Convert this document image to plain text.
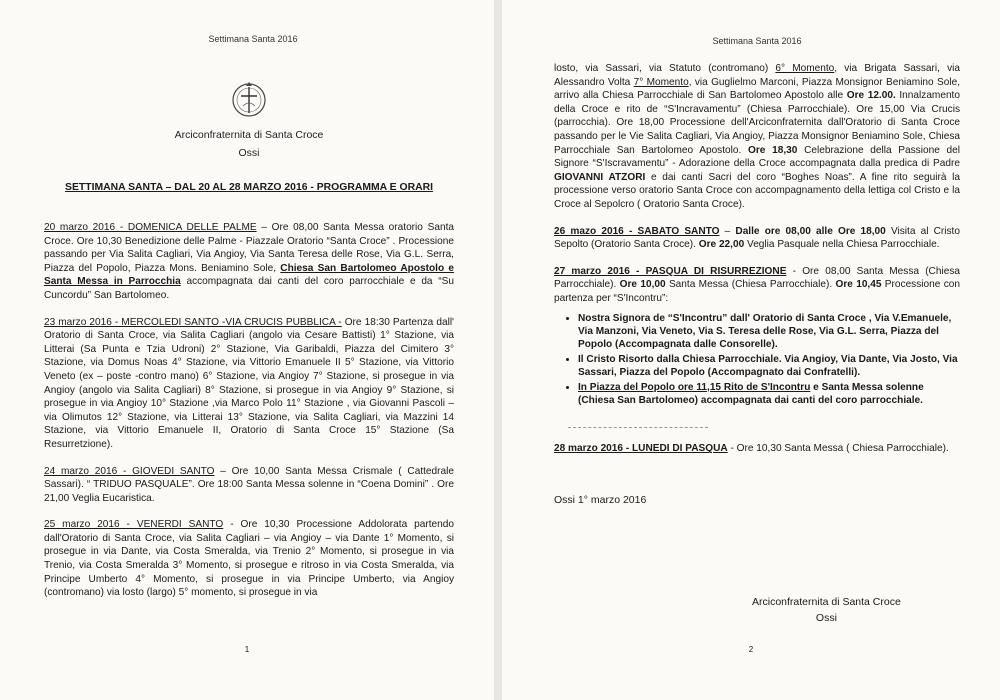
Settimana Santa 2016

Arciconfraternita di Santa Croce

Ossi

SETTIMANA SANTA – DAL 20 AL 28 MARZO 2016 - PROGRAMMA E ORARI

20 marzo 2016 - DOMENICA DELLE PALME – Ore 08,00 Santa Messa oratorio Santa Croce. Ore 10,30 Benedizione delle Palme - Piazzale Oratorio “Santa Croce” . Processione passando per Via Salita Cagliari, Via Angioy, Via Santa Teresa delle Rose, Via G.L. Serra, Piazza del Popolo, Piazza Mons. Beniamino Sole, Chiesa San Bartolomeo Apostolo e Santa Messa in Parrocchia accompagnata dai canti del coro parrocchiale e da “Su Cuncordu” San Bartolomeo.

23 marzo 2016 - MERCOLEDI SANTO -VIA CRUCIS PUBBLICA - Ore 18:30 Partenza dall' Oratorio di Santa Croce, via Salita Cagliari (angolo via Cesare Battisti) 1° Stazione, via Litterai (Sa Punta e Tzia Udroni) 2° Stazione, Via Garibaldi, Piazza del Cimitero 3° Stazione, via Domus Noas 4° Stazione, via Vittorio Emanuele II 5° Stazione, via Vittorio Veneto (ex – poste -contro mano) 6° Stazione, via Angioy 7° Stazione, si prosegue in via Angioy (angolo via Salita Cagliari) 8° Stazione, si prosegue in via Angioy 9° Stazione, si prosegue in via Angioy 10° Stazione ,via Marco Polo 11° Stazione , via Giovanni Pascoli – via Olimutos 12° Stazione, via Litterai 13° Stazione, via Salita Cagliari, via Mazzini 14 Stazione, via Vittorio Emanuele II, Oratorio di Santa Croce 15° Stazione (Sa Resurretzione).

24 marzo 2016 - GIOVEDI SANTO – Ore 10,00 Santa Messa Crismale ( Cattedrale Sassari). “ TRIDUO PASQUALE”. Ore 18:00 Santa Messa solenne in “Coena Domini” . Ore 21,00 Veglia Eucaristica.

25 marzo 2016 - VENERDI SANTO - Ore 10,30 Processione Addolorata partendo dall'Oratorio di Santa Croce, via Salita Cagliari – via Angioy – via Dante 1° Momento, si prosegue in via Dante, via Costa Smeralda, via Trenio 2° Momento, si prosegue in via Trenio, via Costa Smeralda 3° Momento, si prosegue e ritroso in via Costa Smeralda, via Principe Umberto 4° Momento, si prosegue in via Principe Umberto, via Angioy (contromano) via losto (largo) 5° momento, si prosegue in via

1

Settimana Santa 2016

losto, via Sassari, via Statuto (contromano) 6° Momento, via Brigata Sassari, via Alessandro Volta 7° Momento, via Guglielmo Marconi, Piazza Monsignor Beniamino Sole, arrivo alla Chiesa Parrocchiale di San Bartolomeo Apostolo alle Ore 12.00. Innalzamento della Croce e rito de “S'Incravamentu” (Chiesa Parrocchiale). Ore 15,00 Via Crucis (parrocchia). Ore 18,00 Processione dell'Arciconfraternita dall'Oratorio di Santa Croce passando per le Vie Salita Cagliari, Via Angioy, Piazza Monsignor Beniamino Sole, Chiesa Parrocchiale San Bartolomeo Apostolo. Ore 18,30 Celebrazione della Passione del Signore “S'Iscravamentu” - Adorazione della Croce accompagnata dalla predica di Padre GIOVANNI ATZORI e dai canti Sacri del coro “Boghes Noas”. A fine rito seguirà la processione verso oratorio Santa Croce con accompagnamento della lettiga col Cristo e la Croce al Sepolcro ( Oratorio Santa Croce).

26 mazo 2016 - SABATO SANTO – Dalle ore 08,00 alle Ore 18,00 Visita al Cristo Sepolto (Oratorio Santa Croce). Ore 22,00 Veglia Pasquale nella Chiesa Parrocchiale.

27 marzo 2016 - PASQUA DI RISURREZIONE - Ore 08,00 Santa Messa (Chiesa Parrocchiale). Ore 10,00 Santa Messa (Chiesa Parrocchiale). Ore 10,45 Processione con partenza per “S'Incontru”:

• Nostra Signora de “S'Incontru” dall' Oratorio di Santa Croce , Via V.Emanuele, Via Manzoni, Via Veneto, Via S. Teresa delle Rose, Via G.L. Serra, Piazza del Popolo (Accompagnata dalle Consorelle).
• Il Cristo Risorto dalla Chiesa Parrocchiale. Via Angioy, Via Dante, Via Josto, Via Sassari, Piazza del Popolo (Accompagnato dai Confratelli).
• In Piazza del Popolo ore 11,15 Rito de S'Incontru e Santa Messa solenne (Chiesa San Bartolomeo) accompagnata dai canti del coro parrocchiale.

28 marzo 2016 - LUNEDI DI PASQUA - Ore 10,30 Santa Messa ( Chiesa Parrocchiale).

Ossi 1° marzo 2016

Arciconfraternita di Santa Croce
Ossi
2
